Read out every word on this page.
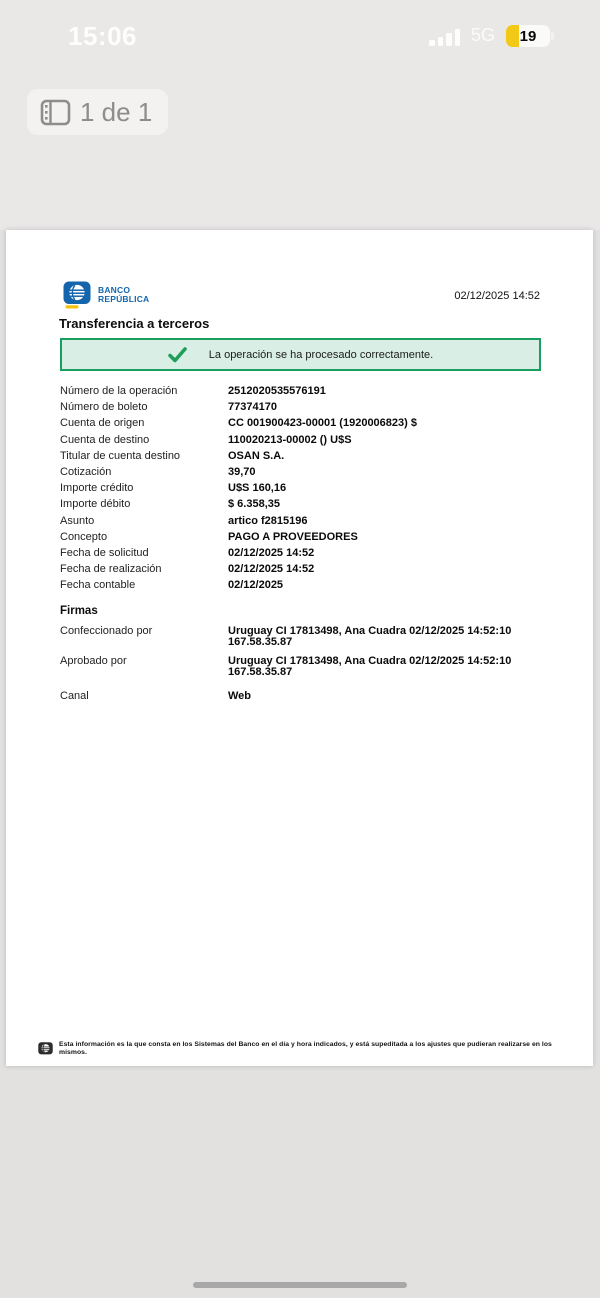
15:06	5G	19
1 de 1
BANCO
REPÚBLICA	02/12/2025 14:52
Transferencia a terceros
La operación se ha procesado correctamente.
Número de la operación	2512020535576191
Número de boleto	77374170
Cuenta de origen	CC 001900423-00001 (1920006823) $
Cuenta de destino	110020213-00002 () U$S
Titular de cuenta destino	OSAN S.A.
Cotización	39,70
Importe crédito	U$S 160,16
Importe débito	$ 6.358,35
Asunto	artico f2815196
Concepto	PAGO A PROVEEDORES
Fecha de solicitud	02/12/2025 14:52
Fecha de realización	02/12/2025 14:52
Fecha contable	02/12/2025
Firmas
Confeccionado por	Uruguay CI 17813498, Ana Cuadra 02/12/2025 14:52:10 167.58.35.87
Aprobado por	Uruguay CI 17813498, Ana Cuadra 02/12/2025 14:52:10 167.58.35.87
Canal	Web
Esta información es la que consta en los Sistemas del Banco en el día y hora indicados, y está supeditada a los ajustes que pudieran realizarse en los mismos.
